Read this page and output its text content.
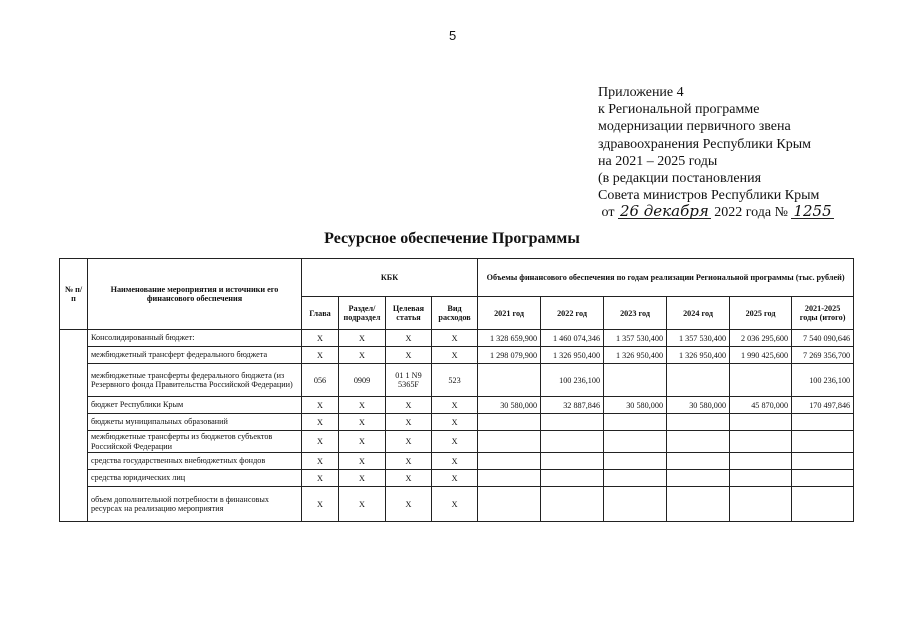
5
Приложение 4
к Региональной программе
модернизации первичного звена
здравоохранения Республики Крым
на 2021 – 2025 годы
(в редакции постановления
Совета министров Республики Крым
от 26 декабря 2022 года № 1255
Ресурсное обеспечение Программы
№ п/п	Наименование мероприятия и источники его финансового обеспечения	КБК				Объемы финансового обеспечения по годам реализации Региональной программы (тыс. рублей)					
		Глава	Раздел/ подраздел	Целевая статья	Вид расходов	2021 год	2022 год	2023 год	2024 год	2025 год	2021-2025 годы (итого)
	Консолидированный бюджет:	X	X	X	X	1 328 659,900	1 460 074,346	1 357 530,400	1 357 530,400	2 036 295,600	7 540 090,646
	межбюджетный трансферт федерального бюджета	X	X	X	X	1 298 079,900	1 326 950,400	1 326 950,400	1 326 950,400	1 990 425,600	7 269 356,700
	межбюджетные трансферты федерального бюджета (из Резервного фонда Правительства Российской Федерации)	056	0909	01 1 N9 5365F	523		100 236,100				100 236,100
	бюджет Республики Крым	X	X	X	X	30 580,000	32 887,846	30 580,000	30 580,000	45 870,000	170 497,846
	бюджеты муниципальных образований	X	X	X	X						
	межбюджетные трансферты из бюджетов субъектов Российской Федерации	X	X	X	X						
	средства государственных внебюджетных фондов	X	X	X	X						
	средства юридических лиц	X	X	X	X						
	объем дополнительной потребности в финансовых ресурсах на реализацию мероприятия	X	X	X	X						
